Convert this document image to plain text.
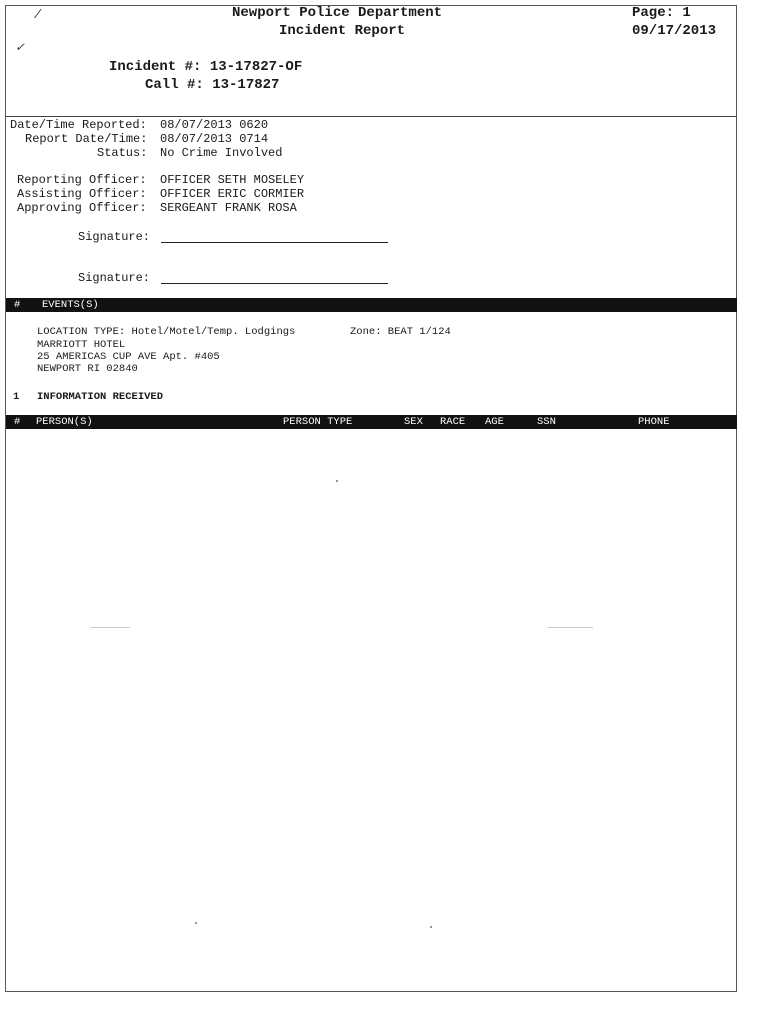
/
✓
Newport Police Department
Incident Report
Page: 1
09/17/2013
Incident #: 13-17827-OF
Call #: 13-17827
Date/Time Reported: 08/07/2013 0620
Report Date/Time: 08/07/2013 0714
Status: No Crime Involved
Reporting Officer: OFFICER SETH MOSELEY
Assisting Officer: OFFICER ERIC CORMIER
Approving Officer: SERGEANT FRANK ROSA
Signature:
Signature:
# EVENTS(S)
LOCATION TYPE: Hotel/Motel/Temp. Lodgings	Zone: BEAT 1/124
MARRIOTT HOTEL
25 AMERICAS CUP AVE Apt. #405
NEWPORT RI 02840
1 INFORMATION RECEIVED
# PERSON(S)	PERSON TYPE	SEX RACE AGE	SSN	PHONE
